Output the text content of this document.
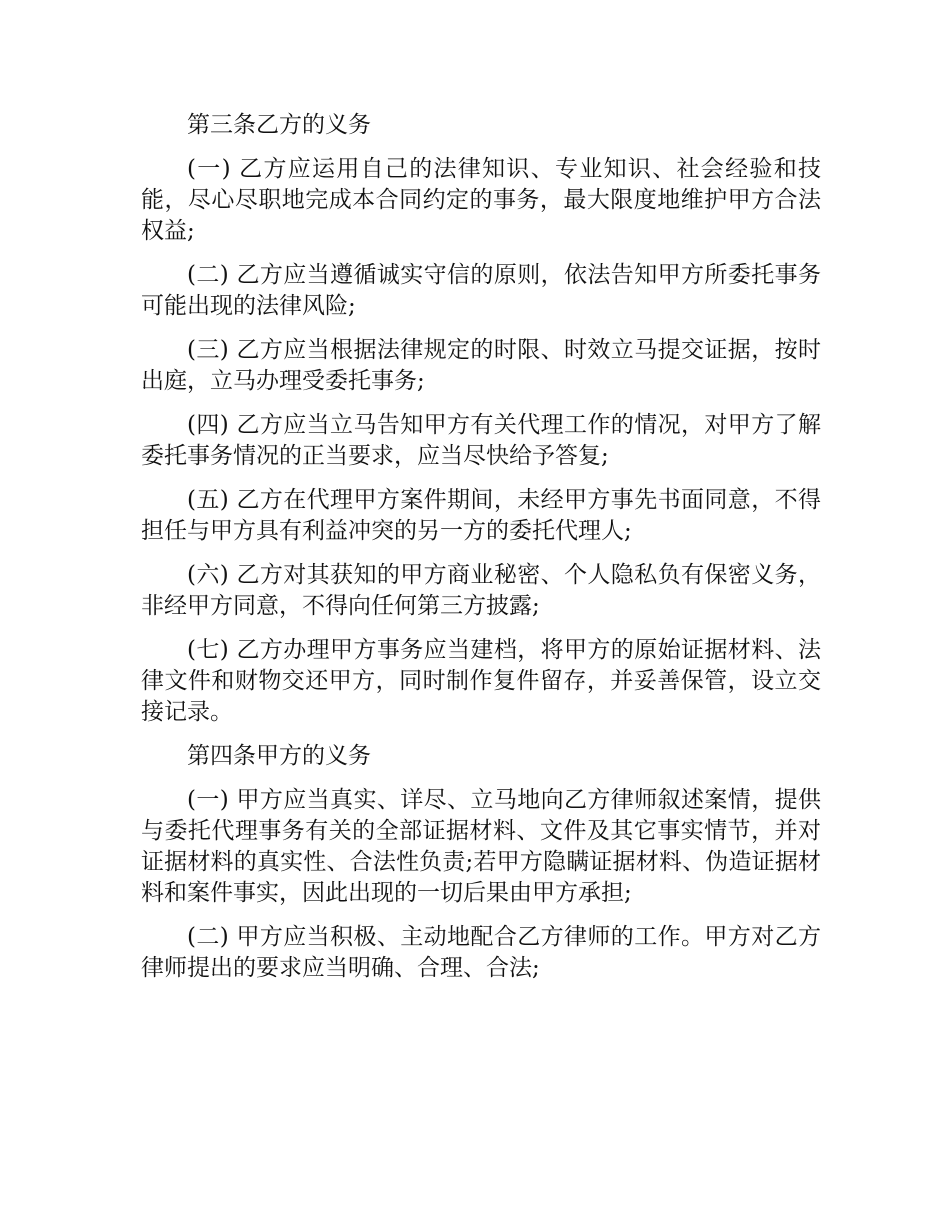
第三条乙方的义务

(一) 乙方应运用自己的法律知识、专业知识、社会经验和技能，尽心尽职地完成本合同约定的事务，最大限度地维护甲方合法权益;

(二) 乙方应当遵循诚实守信的原则，依法告知甲方所委托事务可能出现的法律风险;

(三) 乙方应当根据法律规定的时限、时效立马提交证据，按时出庭，立马办理受委托事务;

(四) 乙方应当立马告知甲方有关代理工作的情况，对甲方了解委托事务情况的正当要求，应当尽快给予答复;

(五) 乙方在代理甲方案件期间，未经甲方事先书面同意，不得担任与甲方具有利益冲突的另一方的委托代理人;

(六) 乙方对其获知的甲方商业秘密、个人隐私负有保密义务，非经甲方同意，不得向任何第三方披露;

(七) 乙方办理甲方事务应当建档，将甲方的原始证据材料、法律文件和财物交还甲方，同时制作复件留存，并妥善保管，设立交接记录。

第四条甲方的义务

(一) 甲方应当真实、详尽、立马地向乙方律师叙述案情，提供与委托代理事务有关的全部证据材料、文件及其它事实情节，并对证据材料的真实性、合法性负责;若甲方隐瞒证据材料、伪造证据材料和案件事实，因此出现的一切后果由甲方承担;

(二) 甲方应当积极、主动地配合乙方律师的工作。甲方对乙方律师提出的要求应当明确、合理、合法;
